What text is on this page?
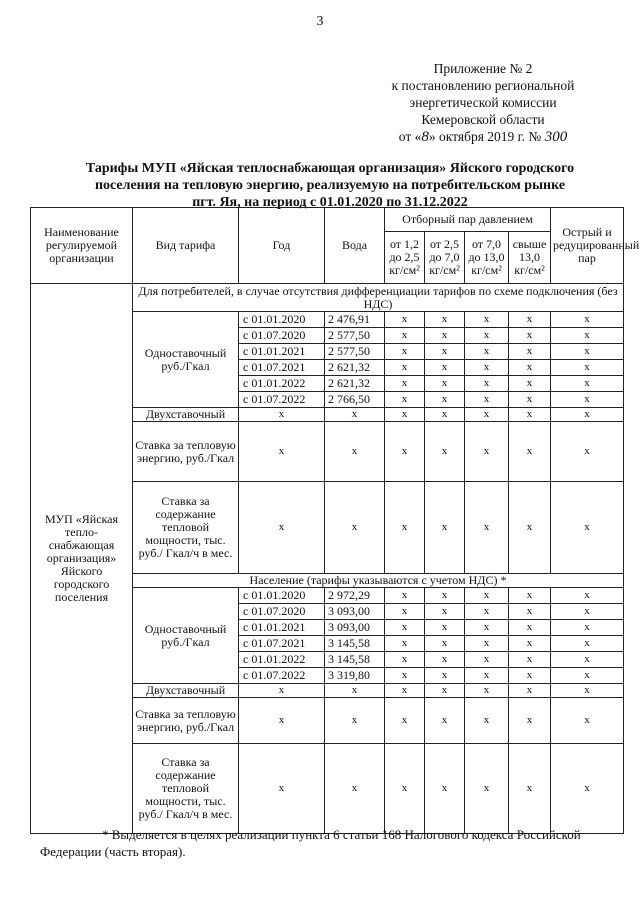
3
Приложение № 2
к постановлению региональной
энергетической комиссии
Кемеровской области
от «8» октября 2019 г. № 300
Тарифы МУП «Яйская теплоснабжающая организация» Яйского городского
поселения на тепловую энергию, реализуемую на потребительском рынке
пгт. Яя, на период с 01.01.2020 по 31.12.2022
Наименование регулируемой организации	Вид тарифа	Год	Вода	Отборный пар давлением				Острый и редуцированный пар
				от 1,2 до 2,5 кг/см²	от 2,5 до 7,0 кг/см²	от 7,0 до 13,0 кг/см²	свыше 13,0 кг/см²	
МУП «Яйская тепло-снабжающая организация» Яйского городского поселения	Для потребителей, в случае отсутствия дифференциации тарифов по схеме подключения (без НДС)							
	Одноставочный руб./Гкал	с 01.01.2020	2 476,91	х	х	х	х	х
		с 01.07.2020	2 577,50	х	х	х	х	х
		с 01.01.2021	2 577,50	х	х	х	х	х
		с 01.07.2021	2 621,32	х	х	х	х	х
		с 01.01.2022	2 621,32	х	х	х	х	х
		с 01.07.2022	2 766,50	х	х	х	х	х
	Двухставочный	х	х	х	х	х	х	х
	Ставка за тепловую энергию, руб./Гкал	х	х	х	х	х	х	х
	Ставка за содержание тепловой мощности, тыс. руб./ Гкал/ч в мес.	х	х	х	х	х	х	х
	Население (тарифы указываются с учетом НДС) *							
	Одноставочный руб./Гкал	с 01.01.2020	2 972,29	х	х	х	х	х
		с 01.07.2020	3 093,00	х	х	х	х	х
		с 01.01.2021	3 093,00	х	х	х	х	х
		с 01.07.2021	3 145,58	х	х	х	х	х
		с 01.01.2022	3 145,58	х	х	х	х	х
		с 01.07.2022	3 319,80	х	х	х	х	х
	Двухставочный	х	х	х	х	х	х	х
	Ставка за тепловую энергию, руб./Гкал	х	х	х	х	х	х	х
	Ставка за содержание тепловой мощности, тыс. руб./ Гкал/ч в мес.	х	х	х	х	х	х	х
* Выделяется в целях реализации пункта 6 статьи 168 Налогового кодекса Российской
Федерации (часть вторая).
